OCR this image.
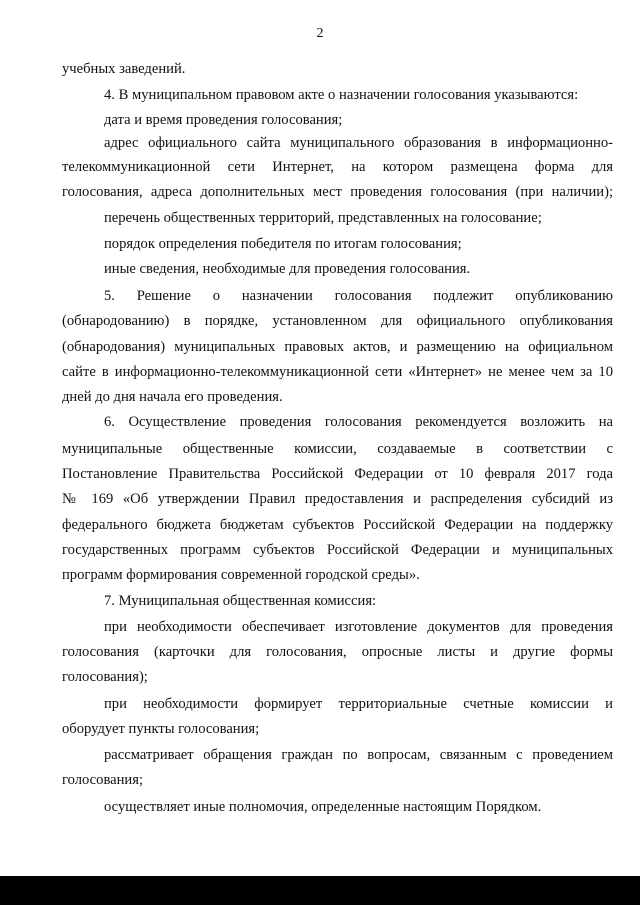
2
учебных заведений.
4. В муниципальном правовом акте о назначении голосования указываются:
дата и время проведения голосования;
адрес официального сайта муниципального образования в информационно-
телекоммуникационной сети Интернет, на котором размещена форма для
голосования, адреса дополнительных мест проведения голосования (при наличии);
перечень общественных территорий, представленных на голосование;
порядок определения победителя по итогам голосования;
иные сведения, необходимые для проведения голосования.
5. Решение о назначении голосования подлежит опубликованию
(обнародованию) в порядке, установленном для официального опубликования
(обнародования) муниципальных правовых актов, и размещению на официальном
сайте в информационно-телекоммуникационной сети «Интернет» не менее чем за 10
дней до дня начала его проведения.
6. Осуществление проведения голосования рекомендуется возложить на
муниципальные общественные комиссии, создаваемые в соответствии с
Постановление Правительства Российской Федерации от 10 февраля 2017 года
№ 169 «Об утверждении Правил предоставления и распределения субсидий из
федерального бюджета бюджетам субъектов Российской Федерации на поддержку
государственных программ субъектов Российской Федерации и муниципальных
программ формирования современной городской среды».
7. Муниципальная общественная комиссия:
при необходимости обеспечивает изготовление документов для проведения
голосования (карточки для голосования, опросные листы и другие формы
голосования);
при необходимости формирует территориальные счетные комиссии и
оборудует пункты голосования;
рассматривает обращения граждан по вопросам, связанным с проведением
голосования;
осуществляет иные полномочия, определенные настоящим Порядком.
